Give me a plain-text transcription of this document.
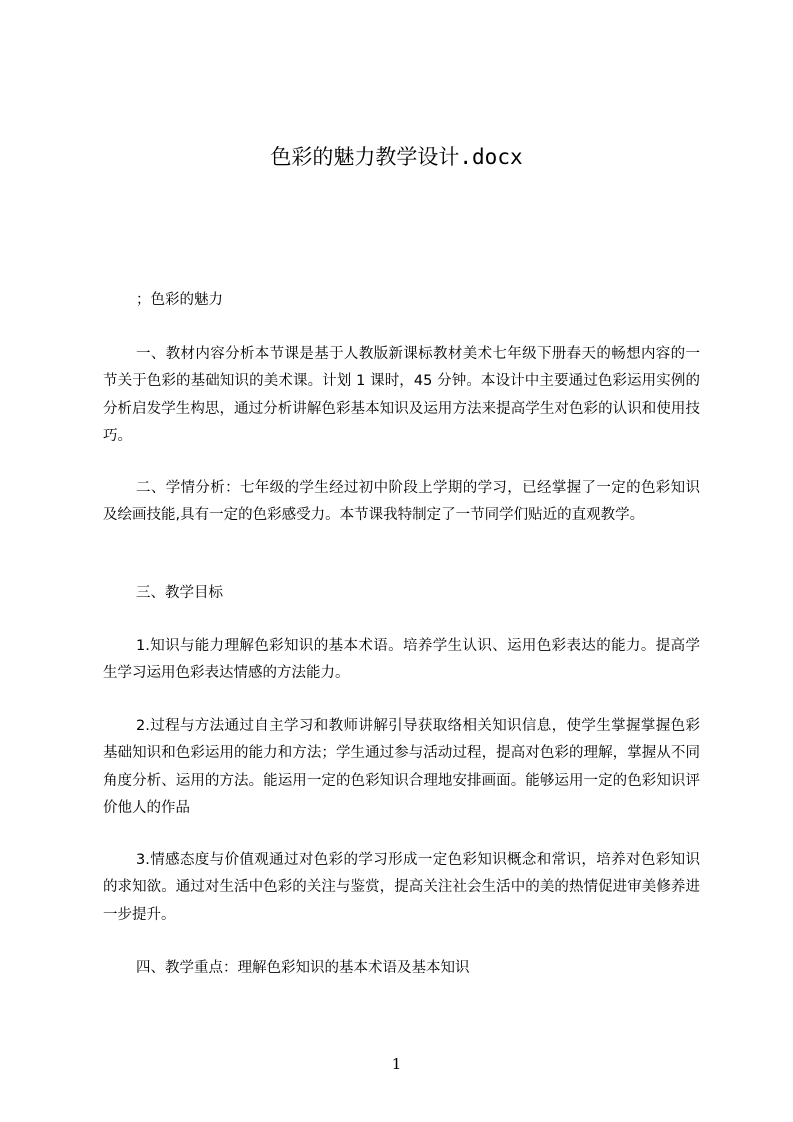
色彩的魅力教学设计.docx
；色彩的魅力
一、教材内容分析本节课是基于人教版新课标教材美术七年级下册春天的畅想内容的一节关于色彩的基础知识的美术课。计划 1 课时，45 分钟。本设计中主要通过色彩运用实例的分析启发学生构思，通过分析讲解色彩基本知识及运用方法来提高学生对色彩的认识和使用技巧。
二、学情分析：七年级的学生经过初中阶段上学期的学习，已经掌握了一定的色彩知识及绘画技能,具有一定的色彩感受力。本节课我特制定了一节同学们贴近的直观教学。
三、教学目标
1.知识与能力理解色彩知识的基本术语。培养学生认识、运用色彩表达的能力。提高学生学习运用色彩表达情感的方法能力。
2.过程与方法通过自主学习和教师讲解引导获取络相关知识信息，使学生掌握掌握色彩基础知识和色彩运用的能力和方法；学生通过参与活动过程，提高对色彩的理解，掌握从不同角度分析、运用的方法。能运用一定的色彩知识合理地安排画面。能够运用一定的色彩知识评价他人的作品
3.情感态度与价值观通过对色彩的学习形成一定色彩知识概念和常识，培养对色彩知识的求知欲。通过对生活中色彩的关注与鉴赏，提高关注社会生活中的美的热情促进审美修养进一步提升。
四、教学重点：理解色彩知识的基本术语及基本知识
1
